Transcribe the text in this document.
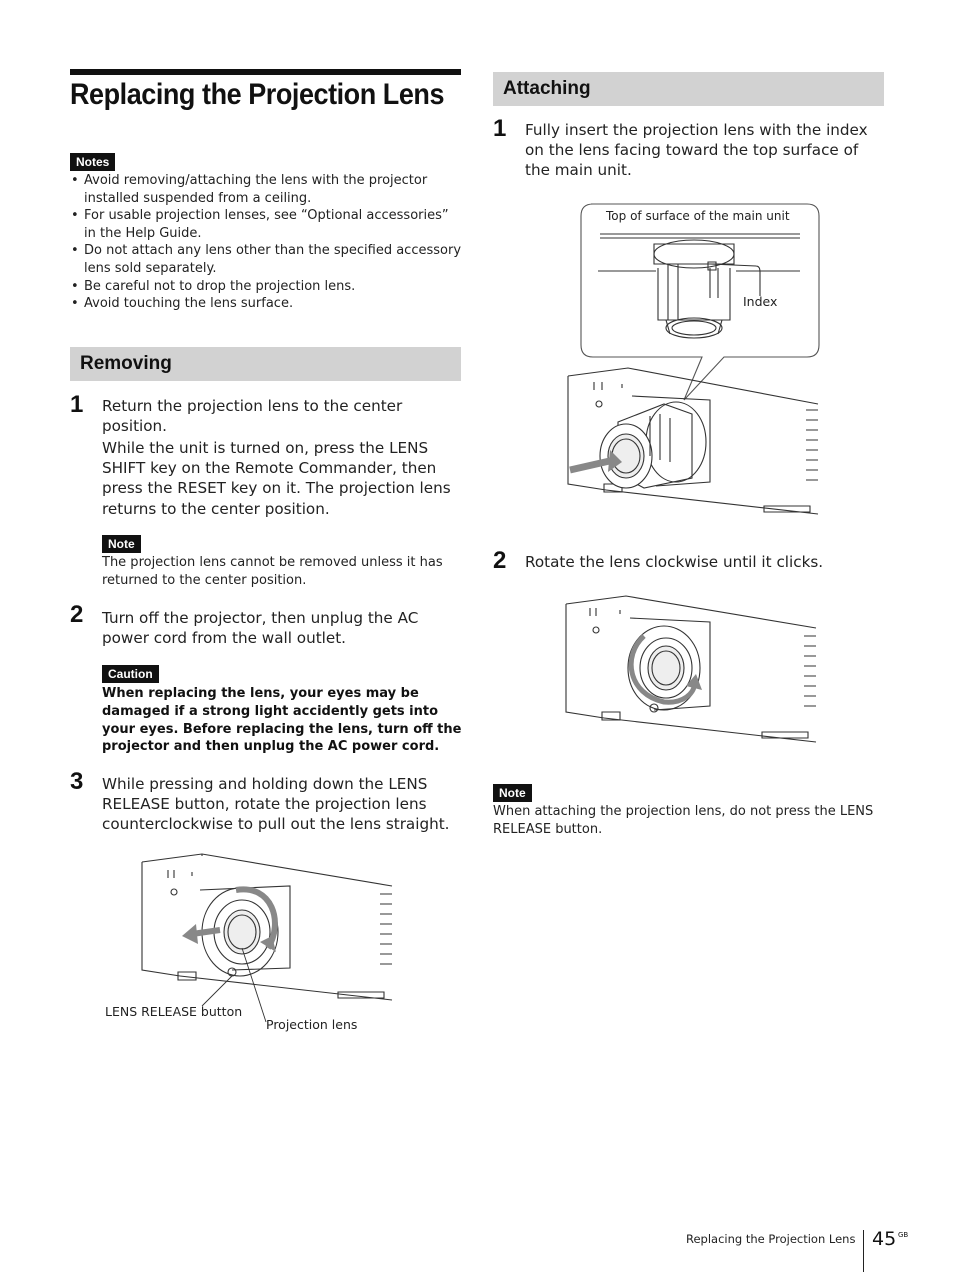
Replacing the Projection Lens
Notes
• Avoid removing/attaching the lens with the projector installed suspended from a ceiling.
• For usable projection lenses, see “Optional accessories” in the Help Guide.
• Do not attach any lens other than the specified accessory lens sold separately.
• Be careful not to drop the projection lens.
• Avoid touching the lens surface.
Removing
1 Return the projection lens to the center position.
While the unit is turned on, press the LENS SHIFT key on the Remote Commander, then press the RESET key on it. The projection lens returns to the center position.
Note
The projection lens cannot be removed unless it has returned to the center position.
2 Turn off the projector, then unplug the AC power cord from the wall outlet.
Caution
When replacing the lens, your eyes may be damaged if a strong light accidently gets into your eyes. Before replacing the lens, turn off the projector and then unplug the AC power cord.
3 While pressing and holding down the LENS RELEASE button, rotate the projection lens counterclockwise to pull out the lens straight.
LENS RELEASE button
Projection lens
Attaching
1 Fully insert the projection lens with the index on the lens facing toward the top surface of the main unit.
Top of surface of the main unit
Index
2 Rotate the lens clockwise until it clicks.
Note
When attaching the projection lens, do not press the LENS RELEASE button.
Replacing the Projection Lens 45 GB
